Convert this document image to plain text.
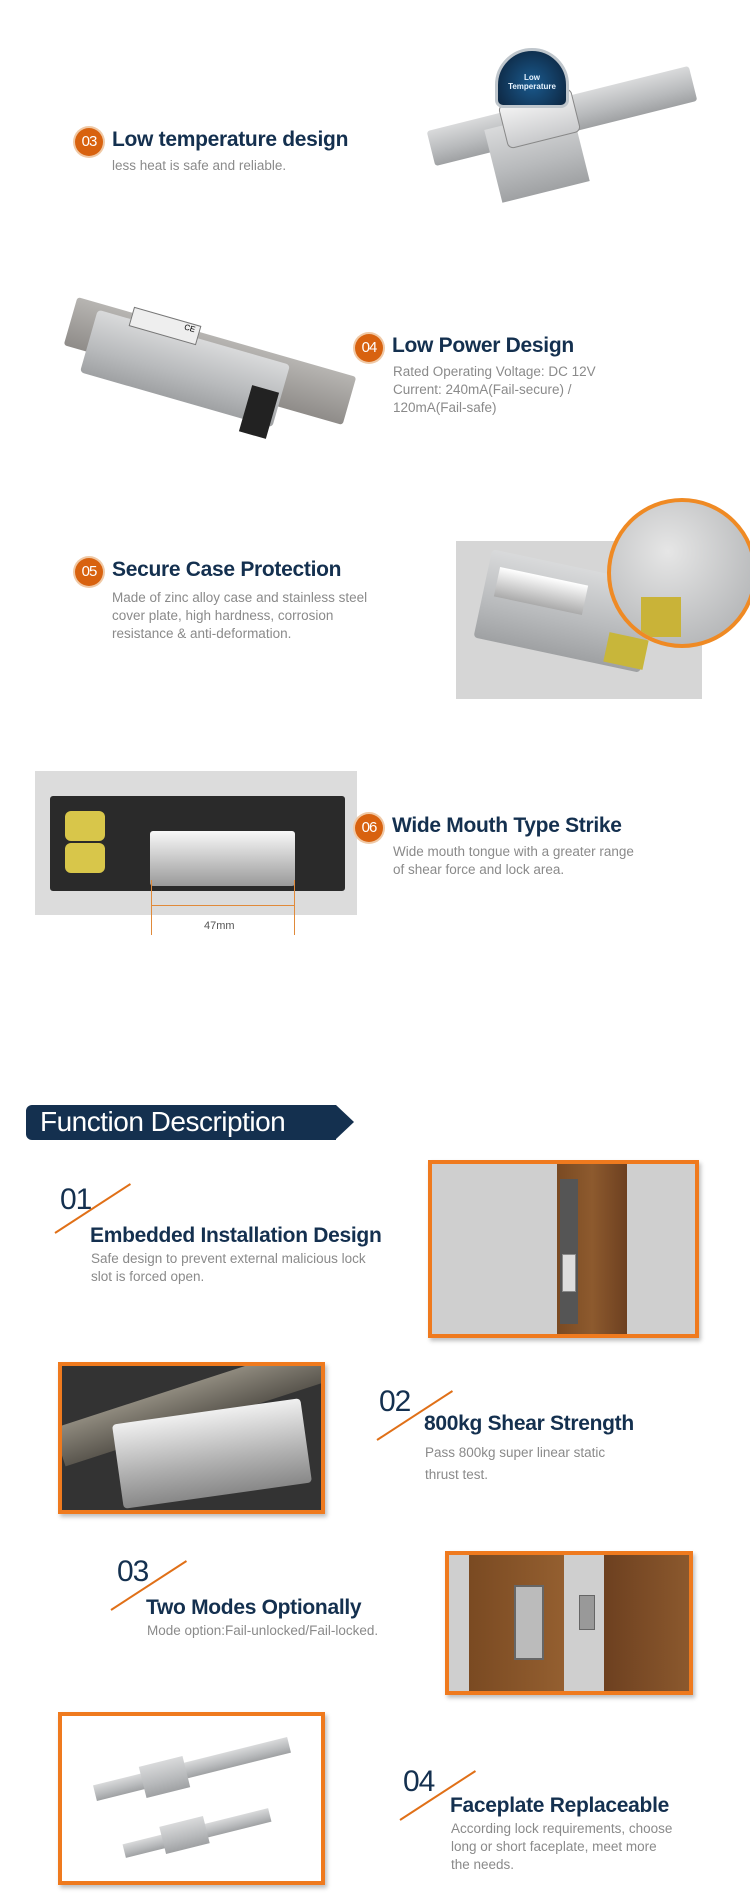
Low
Temperature
03 Low temperature design
less heat is safe and reliable.
CE
04 Low Power Design
Rated Operating Voltage: DC 12V
Current: 240mA(Fail-secure) /
120mA(Fail-safe)
05 Secure Case Protection
Made of zinc alloy case and stainless steel
cover plate, high hardness, corrosion
resistance & anti-deformation.
47mm
06 Wide Mouth Type Strike
Wide mouth tongue with a greater range
of shear force and lock area.
Function Description
01
Embedded Installation Design
Safe design to prevent external malicious lock
slot is forced open.
02
800kg Shear Strength
Pass 800kg super linear static
thrust test.
03
Two Modes Optionally
Mode option:Fail-unlocked/Fail-locked.
04
Faceplate Replaceable
According lock requirements, choose
long or short faceplate, meet more
the needs.
